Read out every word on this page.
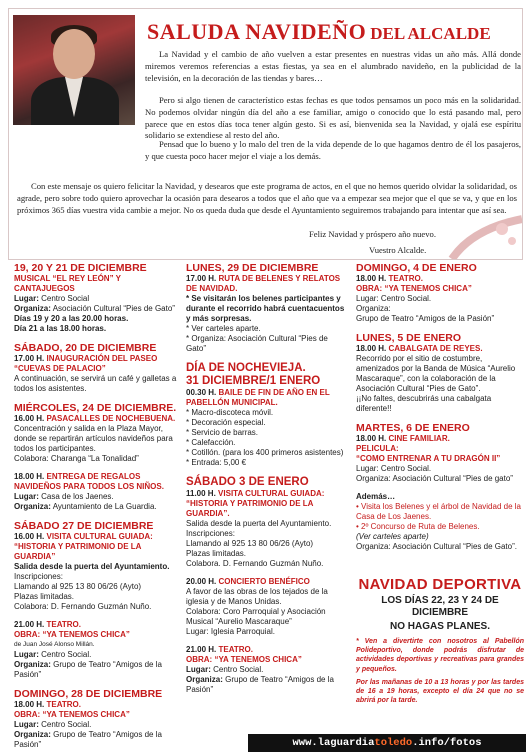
SALUDA NAVIDEÑO DEL ALCALDE

La Navidad y el cambio de año vuelven a estar presentes en nuestras vidas un año más. Allá donde miremos veremos referencias a estas fiestas, ya sea en el alumbrado navideño, en la publicidad de la televisión, en la decoración de las tiendas y bares…

Pero si algo tienen de característico estas fechas es que todos pensamos un poco más en la solidaridad. No podemos olvidar ningún día del año a ese familiar, amigo o conocido que lo está pasando mal, pero parece que en estos días toca tener algún gesto. Si es así, bienvenida sea la Navidad, y ojalá ese espíritu solidario se extendiese al resto del año.

Pensad que lo bueno y lo malo del tren de la vida depende de lo que hagamos dentro de él los pasajeros, y que cuesta poco hacer mejor el viaje a los demás.

Con este mensaje os quiero felicitar la Navidad, y desearos que este programa de actos, en el que no hemos querido olvidar la solidaridad, os agrade, pero sobre todo quiero aprovechar la ocasión para desearos a todos que el año que va a empezar sea mejor que el que se va, y que en los próximos 365 días vuestra vida cambie a mejor. No os queda duda que desde el Ayuntamiento seguiremos trabajando para intentar que así sea.

Feliz Navidad y próspero año nuevo.
Vuestro Alcalde.
19, 20 Y 21 DE DICIEMBRE
MUSICAL “EL REY LEÓN” Y CANTAJUEGOS
Lugar: Centro Social
Organiza: Asociación Cultural “Pies de Gato”
Días 19 y 20 a las 20.00 horas.
Día 21 a las 18.00 horas.
SÁBADO, 20 DE DICIEMBRE
17.00 H. INAUGURACIÓN DEL PASEO “CUEVAS DE PALACIO”
A continuación, se servirá un café y galletas a todos los asistentes.
MIÉRCOLES, 24 DE DICIEMBRE.
16.00 H. PASACALLES DE NOCHEBUENA.
Concentración y salida en la Plaza Mayor, donde se repartirán artículos navideños para todos los participantes.
Colabora: Charanga “La Tonalidad”
18.00 H. ENTREGA DE REGALOS NAVIDEÑOS PARA TODOS LOS NIÑOS.
Lugar: Casa de los Jaenes.
Organiza: Ayuntamiento de La Guardia.
SÁBADO 27 DE DICIEMBRE
16.00 H. VISITA CULTURAL GUIADA: “HISTORIA Y PATRIMONIO DE LA GUARDIA”
Salida desde la puerta del Ayuntamiento.
Inscripciones:
Llamando al 925 13 80 06/26 (Ayto)
Plazas limitadas.
Colabora: D. Fernando Guzmán Nuño.
21.00 H. TEATRO.
OBRA: “YA TENEMOS CHICA”
de Juan José Alonso Millán.
Lugar: Centro Social.
Organiza: Grupo de Teatro “Amigos de la Pasión”
DOMINGO, 28 DE DICIEMBRE
18.00 H. TEATRO.
OBRA: “YA TENEMOS CHICA”
Lugar: Centro Social.
Organiza: Grupo de Teatro “Amigos de la Pasión”
LUNES, 29 DE DICIEMBRE
17.00 H. RUTA DE BELENES Y RELATOS DE NAVIDAD.
* Se visitarán los belenes participantes y durante el recorrido habrá cuentacuentos y más sorpresas.
* Ver carteles aparte.
* Organiza: Asociación Cultural “Pies de Gato”
DÍA DE NOCHEVIEJA.
31 DICIEMBRE/1 ENERO
00.30 H. BAILE DE FIN DE AÑO EN EL PABELLÓN MUNICIPAL.
* Macro-discoteca móvil.
* Decoración especial.
* Servicio de barras.
* Calefacción.
* Cotillón. (para los 400 primeros asistentes)
* Entrada: 5,00 €
SÁBADO 3 DE ENERO
11.00 H. VISITA CULTURAL GUIADA: “HISTORIA Y PATRIMONIO DE LA GUARDIA”.
Salida desde la puerta del Ayuntamiento.
Inscripciones:
Llamando al 925 13 80 06/26 (Ayto)
Plazas limitadas.
Colabora. D. Fernando Guzmán Nuño.
20.00 H. CONCIERTO BENÉFICO
A favor de las obras de los tejados de la iglesia y de Manos Unidas.
Colabora: Coro Parroquial y Asociación Musical “Aurelio Mascaraque”
Lugar: Iglesia Parroquial.
21.00 H. TEATRO.
OBRA: “YA TENEMOS CHICA”
Lugar: Centro Social.
Organiza: Grupo de Teatro “Amigos de la Pasión”
DOMINGO, 4 DE ENERO
18.00 H. TEATRO.
OBRA: “YA TENEMOS CHICA”
Lugar: Centro Social.
Organiza:
Grupo de Teatro “Amigos de la Pasión”
LUNES, 5 DE ENERO
18.00 H. CABALGATA DE REYES.
Recorrido por el sitio de costumbre, amenizados por la Banda de Música “Aurelio Mascaraque”, con la colaboración de la Asociación Cultural “Pies de Gato”.
¡¡No faltes, descubrirás una cabalgata diferente!!
MARTES, 6 DE ENERO
18.00 H. CINE FAMILIAR.
PELICULA:
“COMO ENTRENAR A TU DRAGÓN II”
Lugar: Centro Social.
Organiza: Asociación Cultural “Pies de gato”
Además…
• Visita los Belenes y el árbol de Navidad de la Casa de Los Jaenes.
• 2º Concurso de Ruta de Belenes.
(Ver carteles aparte)
Organiza: Asociación Cultural “Pies de Gato”.
NAVIDAD DEPORTIVA
LOS DÍAS 22, 23 Y 24 DE DICIEMBRE
NO HAGAS PLANES.
* Ven a divertirte con nosotros al Pabellón Polideportivo, donde podrás disfrutar de actividades deportivas y recreativas para grandes y pequeños.
Por las mañanas de 10 a 13 horas y por las tardes de 16 a 19 horas, excepto el día 24 que no se abrirá por la tarde.
www.laguardiatoledo.info/fotos
